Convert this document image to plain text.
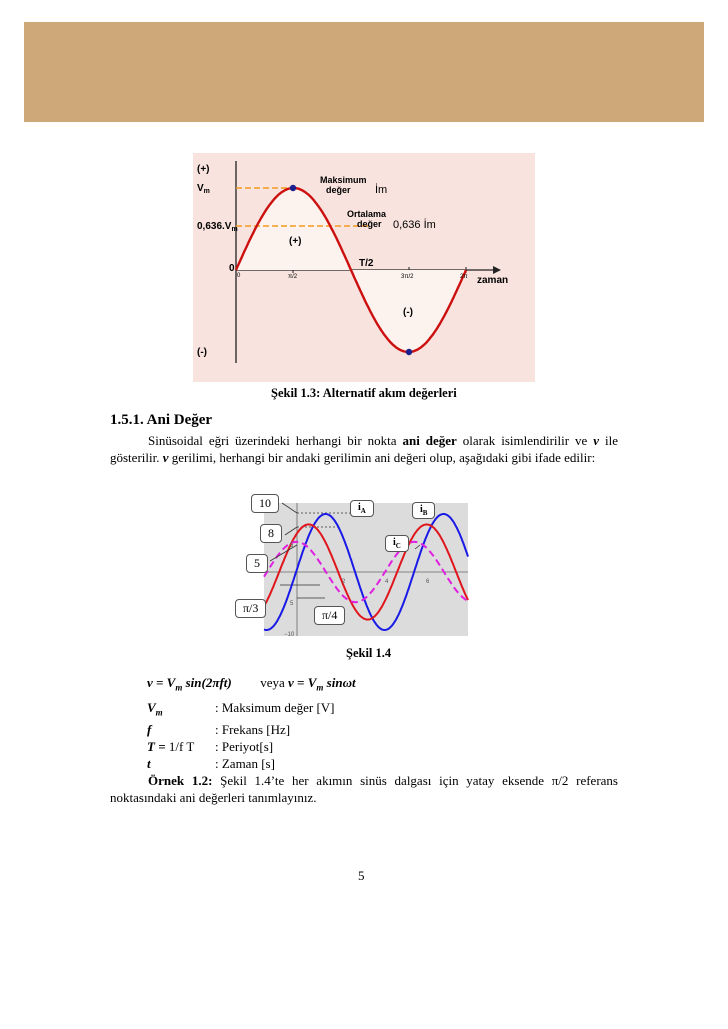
(+)
$V_m$
$0,636.V_m$
0
(-)
Maksimum
değer İm
Ortalama
değer 0,636 İm
(+)
(-)
T/2
zaman
0	π/2	3π/2	2π
Şekil 1.3: Alternatif akım değerleri
1.5.1. Ani Değer
Sinüsoidal eğri üzerindeki herhangi bir nokta ani değer olarak isimlendirilir ve v ile gösterilir. v gerilimi, herhangi bir andaki gerilimin ani değeri olup, aşağıdaki gibi ifade edilir:
2	4	6
5
5
−10
10
8
5
π/3	π/4
$i_A$	$i_B$
$i_C$
Şekil 1.4
$v = V_m$ sin(2πft) veya $v = V_m$ sinωt
$V_m$	: Maksimum değer [V]
f	: Frekans [Hz]
T = 1/f T	: Periyot[s]
t	: Zaman [s]
Örnek 1.2: Şekil 1.4’te her akımın sinüs dalgası için yatay eksende π/2 referans noktasındaki ani değerleri tanımlayınız.
5
